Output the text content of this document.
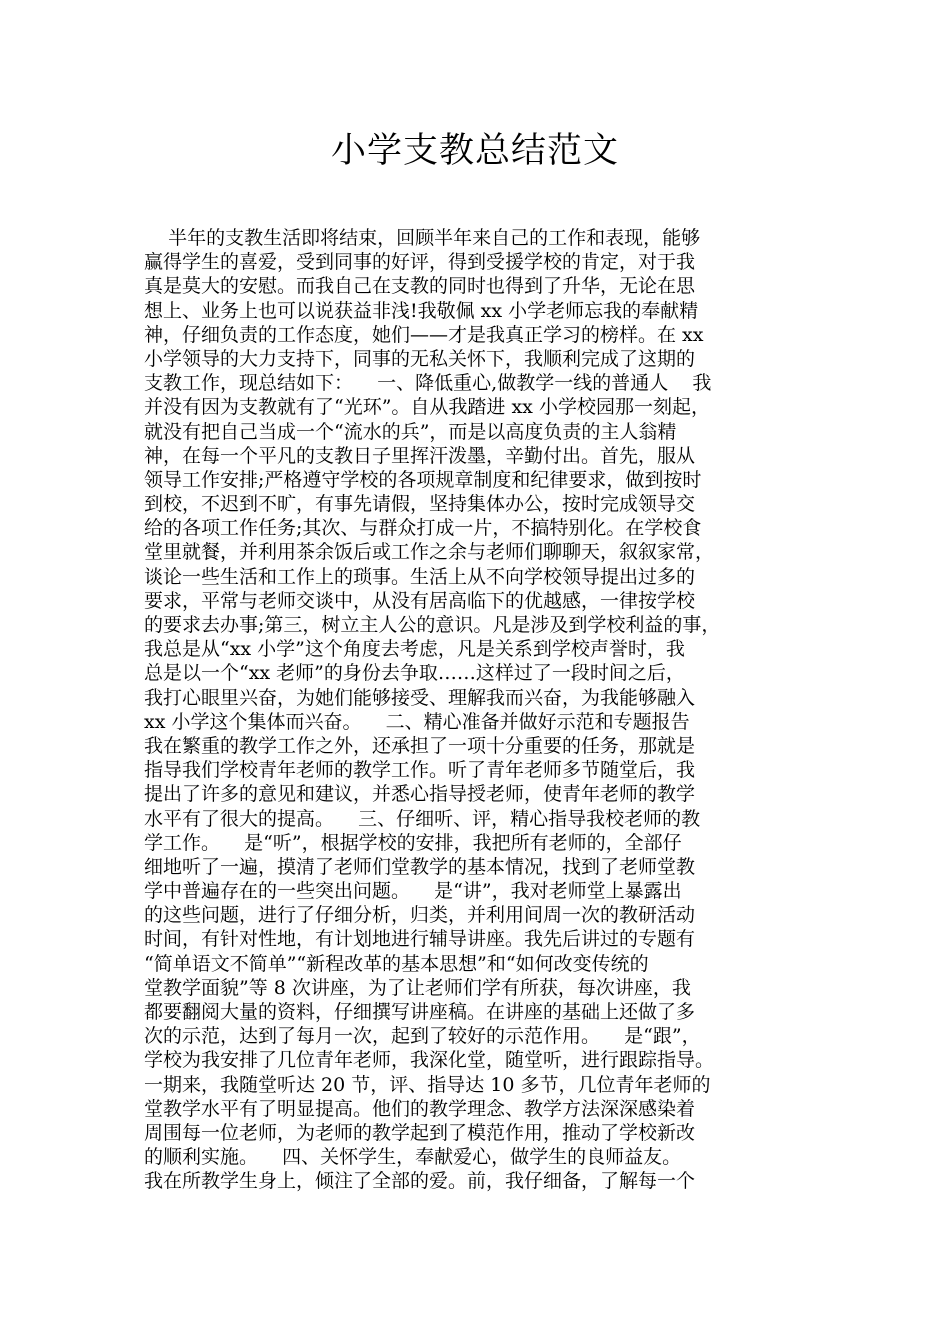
小学支教总结范文
半年的支教生活即将结束，回顾半年来自己的工作和表现，能够
赢得学生的喜爱，受到同事的好评，得到受援学校的肯定，对于我
真是莫大的安慰。而我自己在支教的同时也得到了升华，无论在思
想上、业务上也可以说获益非浅!我敬佩 xx 小学老师忘我的奉献精
神，仔细负责的工作态度，她们——才是我真正学习的榜样。在 xx
小学领导的大力支持下，同事的无私关怀下，我顺利完成了这期的
支教工作，现总结如下：    一、降低重心,做教学一线的普通人    我
并没有因为支教就有了“光环”。自从我踏进 xx 小学校园那一刻起，
就没有把自己当成一个“流水的兵”，而是以高度负责的主人翁精
神，在每一个平凡的支教日子里挥汗泼墨，辛勤付出。首先，服从
领导工作安排;严格遵守学校的各项规章制度和纪律要求，做到按时
到校，不迟到不旷，有事先请假，坚持集体办公，按时完成领导交
给的各项工作任务;其次、与群众打成一片，不搞特别化。在学校食
堂里就餐，并利用茶余饭后或工作之余与老师们聊聊天，叙叙家常，
谈论一些生活和工作上的琐事。生活上从不向学校领导提出过多的
要求，平常与老师交谈中，从没有居高临下的优越感，一律按学校
的要求去办事;第三，树立主人公的意识。凡是涉及到学校利益的事，
我总是从“xx 小学”这个角度去考虑，凡是关系到学校声誉时，我
总是以一个“xx 老师”的身份去争取……这样过了一段时间之后，
我打心眼里兴奋，为她们能够接受、理解我而兴奋，为我能够融入
xx 小学这个集体而兴奋。    二、精心准备并做好示范和专题报告
我在繁重的教学工作之外，还承担了一项十分重要的任务，那就是
指导我们学校青年老师的教学工作。听了青年老师多节随堂后，我
提出了许多的意见和建议，并悉心指导授老师，使青年老师的教学
水平有了很大的提高。    三、仔细听、评，精心指导我校老师的教
学工作。    是“听”，根据学校的安排，我把所有老师的，全部仔
细地听了一遍，摸清了老师们堂教学的基本情况，找到了老师堂教
学中普遍存在的一些突出问题。    是“讲”，我对老师堂上暴露出
的这些问题，进行了仔细分析，归类，并利用间周一次的教研活动
时间，有针对性地，有计划地进行辅导讲座。我先后讲过的专题有
“简单语文不简单”“新程改革的基本思想”和“如何改变传统的
堂教学面貌”等 8 次讲座，为了让老师们学有所获，每次讲座，我
都要翻阅大量的资料，仔细撰写讲座稿。在讲座的基础上还做了多
次的示范，达到了每月一次，起到了较好的示范作用。    是“跟”，
学校为我安排了几位青年老师，我深化堂，随堂听，进行跟踪指导。
一期来，我随堂听达 20 节，评、指导达 10 多节，几位青年老师的
堂教学水平有了明显提高。他们的教学理念、教学方法深深感染着
周围每一位老师，为老师的教学起到了模范作用，推动了学校新改
的顺利实施。    四、关怀学生，奉献爱心，做学生的良师益友。
我在所教学生身上，倾注了全部的爱。前，我仔细备，了解每一个
